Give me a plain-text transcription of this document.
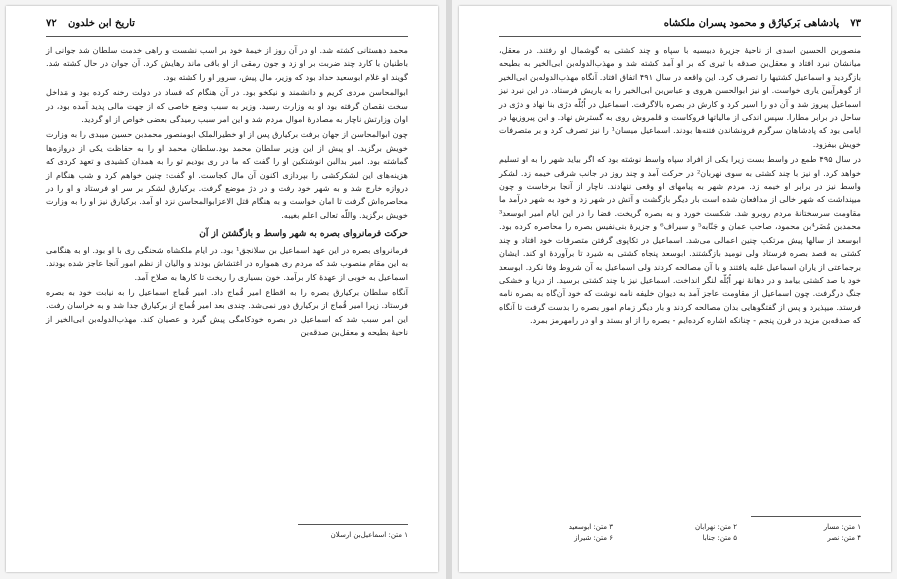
۷۲ تاریخ ابن خلدون

محمد دهستانی کشته شد. او در آن روز از خیمهٔ خود بر اسب نشست و راهی خدمت سلطان شد جوانی از باطنیان با کارد چند ضربت بر او زد و جون رمقی از او باقی ماند رهایش کرد. آن جوان در حال کشته شد. گویند او غلام ابوسعید حداد بود که وزیر، مال پیش، سرور او را کشته بود.

ابوالمحاسن مردی کریم و دانشمند و نیکخو بود. در آن هنگام که فساد در دولت رخنه کرده بود و مَداخل سخت نقصان گرفته بود او به وزارت رسید. وزیر به سبب وضع خاصی که از جهت مالی پدید آمده بود، در اوان وزارتش ناچار به مصادرهٔ اموال مردم شد و این امر سبب رمیدگی بعضی خواص از او گردید.

چون ابوالمحاسن از جهان برفت برکیارق پس از او خطیرالملک ابومنصور محمدبن حسین میبدی را به وزارت خویش برگزید. او پیش از این وزیر سلطان محمد بود.سلطان محمد او را به حفاظت یکی از دروازه‌ها گماشته بود. امیر بدالبن انوشتکین او را گفت که ما در ری بودیم تو را به همدان کشیدی و تعهد کردی که هزینه‌های این لشکرکشی را بپردازی اکنون آن مال کجاست. او گفت: چنین خواهم کرد و شب هنگام از دروازه خارج شد و به شهر خود رفت و در دژ موضع گرفت. برکیارق لشکر بر سر او فرستاد و او را در محاصره‌اش گرفت تا امان خواست و به هنگام قتل الاعزابوالمحاسن نزد او آمد. برکیارق نیز او را به وزارت خویش برگزید. واللّه تعالی اعلم بغیبه.

حرکت فرمانروای بصره به شهر واسط و بازگشتن از آن

فرمانروای بصره در این عهد اسماعیل بن سلانجق¹ بود. در ایام ملکشاه شحنگی ری با او بود. او به هنگامی به این مقام منصوب شد که مردم ری همواره در اغتشاش بودند و والیان از نظم امور آنجا عاجز شده بودند. اسماعیل به خوبی از عهدهٔ کار برآمد. خون بسیاری را ریخت تا کارها به صلاح آمد.

آنگاه سلطان برکیارق بصره را به اقطاع امیر قُماج داد. امیر قُماج اسماعیل را به نیابت خود به بصره فرستاد. زیرا امیر قُماج از برکیارق دور نمی‌شد. چندی بعد امیر قُماج از برکیارق جدا شد و به خراسان رفت. این امر سبب شد که اسماعیل در بصره خودکامگی پیش گیرد و عصیان کند. مهذب‌الدوله‌بن ابی‌الخیر از ناحیهٔ بطیحه و معقل‌بن صدقه‌بن

۱ متن: اسماعیل‌بن ارسلان
۷۳
پادشاهی بَرکیارُق و محمود پسران ملکشاه

منصوربن الحسین اسدی از ناحیهٔ جزیرهٔ دبیسیه با سپاه و چند کشتی به گوشمال او رفتند. در معقل، میانشان نبرد افتاد و معقل‌بن صدقه با تیری که بر او آمد کشته شد و مهذب‌الدوله‌بن ابی‌الخیر به بطیحه بازگردید و اسماعیل کشتیها را تصرف کرد. این واقعه در سال ۴۹۱ اتفاق افتاد. آنگاه مهذب‌الدوله‌بن ابی‌الخیر از گوهرآیین یاری خواست. او نیز ابوالحسن هروی و عباس‌بن ابی‌الخیر را به یاریش فرستاد. در این نبرد نیز اسماعیل پیروز شد و آن دو را اسیر کرد و کارش در بصره بالاگرفت. اسماعیل در اُبُلّه دژی بنا نهاد و دژی در ساحل در برابر مطارا. سپس اندکی از مالیاتها فروکاست و قلمروش روی به گسترش نهاد. و این پیروزیها در ایامی بود که پادشاهان سرگرم فرونشاندن فتنه‌ها بودند. اسماعیل میسان¹ را نیز تصرف کرد و بر متصرفات خویش بیفزود.

در سال ۴۹۵ طمع در واسط بست زیرا یکی از افراد سپاه واسط نوشته بود که اگر بیاید شهر را به او تسلیم خواهد کرد. او نیز با چند کشتی به سوی نهربان² در حرکت آمد و چند روز در جانب شرقی خیمه زد. لشکر واسط نیز در برابر او خیمه زد. مردم شهر به پیامهای او وقعی ننهادند. ناچار از آنجا برخاست و چون میپنداشت که شهر خالی از مدافعان شده است بار دیگر بازگشت و آتش در شهر زد و خود به شهر درآمد ما مقاومت سرسختانهٔ مردم روبرو شد. شکست خورد و به بصره گریخت. فضا را در این ایام امیر ابوسعد³ محمدبن مُضَر⁴بن محمود، صاحب عمان و جَنّابه⁵ و سیراف⁶ و جزیرهٔ بنی‌نفیس بصره را محاصره کرده بود. ابوسعد از سالها پیش مرتکب چنین اعمالی می‌شد. اسماعیل در تکاپوی گرفتن متصرفات خود افتاد و چند کشتی به قصد بصره فرستاد ولی نومید بازگشتند. ابوسعد پنجاه کشتی به شیرد تا برآوردهٔ او کند. ایشان برجماعتی از یاران اسماعیل غلبه یافتند و با آن مصالحه کردند ولی اسماعیل به آن شروط وفا نکرد. ابوسعد خود با صد کشتی بیامد و در دهانهٔ نهر اُبُلّه لنگر انداخت. اسماعیل نیز با چند کشتی برسید. از دریا و خشکی جنگ درگرفت. چون اسماعیل از مقاومت عاجز آمد به دیوان خلیفه نامه نوشت که خود آن‌گاه به بصره نامه فرستد. میپذیرد و پس از گفتگوهایی بدان مصالحه کردند و بار دیگر زمام امور بصره را بدست گرفت تا آنگاه که صدقه‌بن مزید در قرن پنجم - چنانکه اشاره کرده‌ایم - بصره را از او بستد و او در رامهرمز بمرد.

۱ متن: مسار
۲ متن: نهرابان
۳ متن: ابوسعید
۴ متن: نصر
۵ متن: جنابا
۶ متن: شیراز
